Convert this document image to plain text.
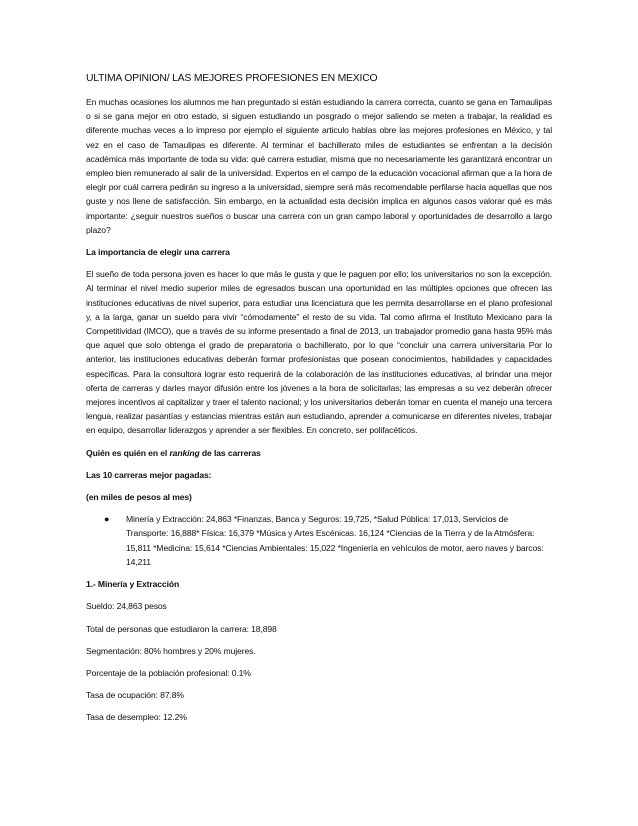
ULTIMA OPINION/ LAS MEJORES PROFESIONES EN MEXICO

En muchas ocasiones los alumnos me han preguntado si están estudiando la carrera correcta, cuanto se gana en Tamaulipas o si se gana mejor en otro estado, si siguen estudiando un posgrado o mejor saliendo se meten a trabajar, la realidad es diferente muchas veces a lo impreso por ejemplo el siguiente articulo hablas obre las mejores profesiones en México, y tal vez en el caso de Tamaulipas es diferente. Al terminar el bachillerato miles de estudiantes se enfrentan a la decisión académica más importante de toda su vida: qué carrera estudiar, misma que no necesariamente les garantizará encontrar un empleo bien remunerado al salir de la universidad. Expertos en el campo de la educación vocacional afirman que a la hora de elegir por cuál carrera pedirán su ingreso a la universidad, siempre será más recomendable perfilarse hacia aquellas que nos guste y nos llene de satisfacción. Sin embargo, en la actualidad esta decisión implica en algunos casos valorar qué es más importante: ¿seguir nuestros sueños o buscar una carrera con un gran campo laboral y oportunidades de desarrollo a largo plazo?

La importancia de elegir una carrera

El sueño de toda persona joven es hacer lo que más le gusta y que le paguen por ello; los universitarios no son la excepción. Al terminar el nivel medio superior miles de egresados buscan una oportunidad en las múltiples opciones que ofrecen las instituciones educativas de nivel superior, para estudiar una licenciatura que les permita desarrollarse en el plano profesional y, a la larga, ganar un sueldo para vivir “cómodamente” el resto de su vida. Tal como afirma el Instituto Mexicano para la Competitividad (IMCO), que a través de su informe presentado a final de 2013, un trabajador promedio gana hasta 95% más que aquel que solo obtenga el grado de preparatoria o bachillerato, por lo que “concluir una carrera universitaria Por lo anterior, las instituciones educativas deberán formar profesionistas que posean conocimientos, habilidades y capacidades específicas. Para la consultora lograr esto requerirá de la colaboración de las instituciones educativas, al brindar una mejor oferta de carreras y darles mayor difusión entre los jóvenes a la hora de solicitarlas; las empresas a su vez deberán ofrecer mejores incentivos al capitalizar y traer el talento nacional; y los universitarios deberán tomar en cuenta el manejo una tercera lengua, realizar pasantías y estancias mientras están aun estudiando, aprender a comunicarse en diferentes niveles, trabajar en equipo, desarrollar liderazgos y aprender a ser flexibles. En concreto, ser polifacéticos.

Quién es quién en el ranking de las carreras

Las 10 carreras mejor pagadas:

(en miles de pesos al mes)

● Minería y Extracción: 24,863 *Finanzas, Banca y Seguros: 19,725, *Salud Pública: 17,013, Servicios de Transporte: 16,888* Física: 16,379 *Música y Artes Escénicas. 16,124 *Ciencias de la Tierra y de la Atmósfera: 15,811 *Medicina: 15,614 *Ciencias Ambientales: 15,022 *Ingeniería en vehículos de motor, aero naves y barcos: 14,211

1.- Minería y Extracción

Sueldo: 24,863 pesos

Total de personas que estudiaron la carrera: 18,898

Segmentación: 80% hombres y 20% mujeres.

Porcentaje de la población profesional: 0.1%

Tasa de ocupación: 87.8%

Tasa de desempleo: 12.2%
